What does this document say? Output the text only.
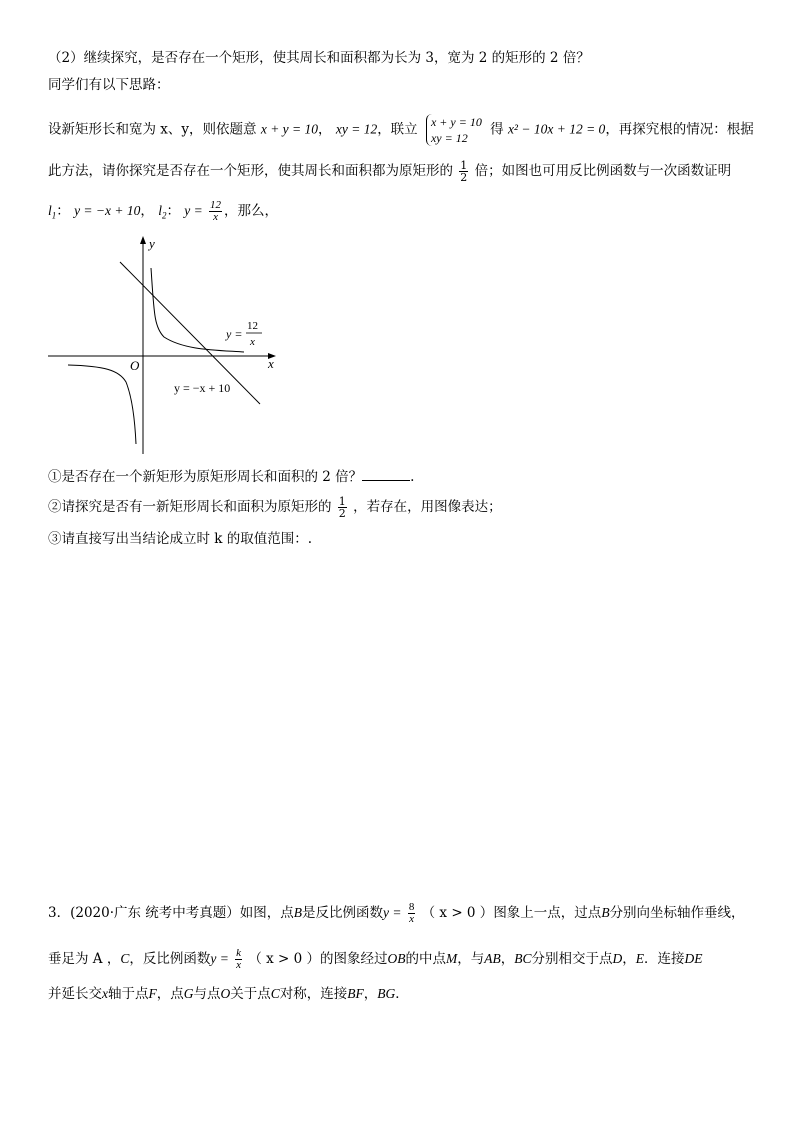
（2）继续探究，是否存在一个矩形，使其周长和面积都为长为 3，宽为 2 的矩形的 2 倍？
同学们有以下思路：
设新矩形长和宽为 x、y，则依题意 x + y = 10， xy = 12，联立 x + y = 10
xy = 12
得 x² − 10x + 12 = 0，再探究根的情况：根据
此方法，请你探究是否存在一个矩形，使其周长和面积都为原矩形的 $\frac{1}{2}$ 倍；如图也可用反比例函数与一次函数证明
$l_1$： y = −x + 10， $l_2$： $y = \frac{12}{x}$ ，那么，
y
x
O
y =
12
x
y = −x + 10
①是否存在一个新矩形为原矩形周长和面积的 2 倍？	.
②请探究是否有一新矩形周长和面积为原矩形的 $\frac{1}{2}$ ，若存在，用图像表达；
③请直接写出当结论成立时 k 的取值范围：.
3．(2020·广东 统考中考真题）如图，点B是反比例函数$y = \frac{8}{x}$ （ x > 0 ）图象上一点，过点B分别向坐标轴作垂线，
垂足为 A ，C，反比例函数$y = \frac{k}{x}$ （ x > 0 ）的图象经过OB的中点M，与AB，BC分别相交于点D，E．连接DE
并延长交x轴于点F，点G与点O关于点C对称，连接BF，BG．
